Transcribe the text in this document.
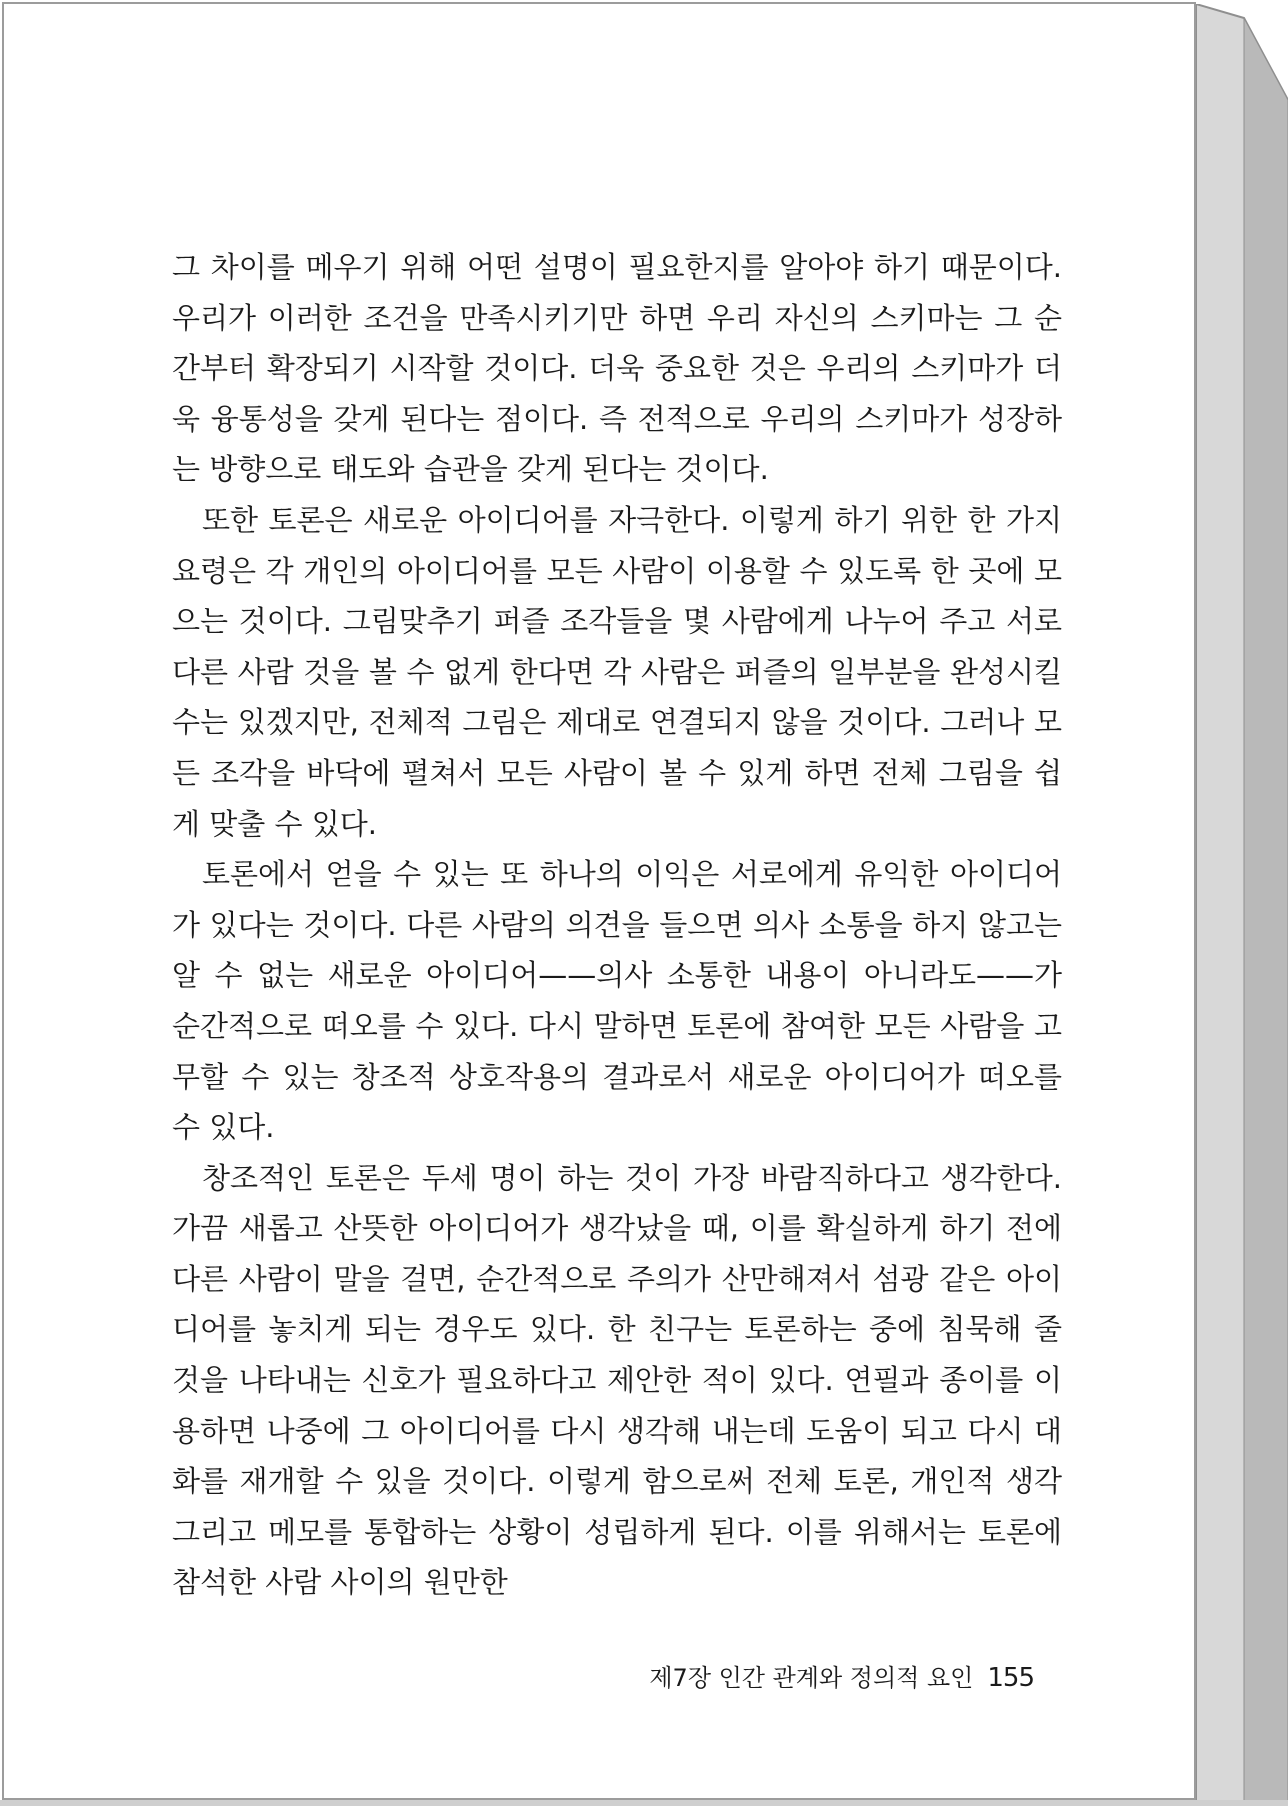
그 차이를 메우기 위해 어떤 설명이 필요한지를 알아야 하기 때문이다. 우리가 이러한 조건을 만족시키기만 하면 우리 자신의 스키마는 그 순간부터 확장되기 시작할 것이다. 더욱 중요한 것은 우리의 스키마가 더욱 융통성을 갖게 된다는 점이다. 즉 전적으로 우리의 스키마가 성장하는 방향으로 태도와 습관을 갖게 된다는 것이다.

또한 토론은 새로운 아이디어를 자극한다. 이렇게 하기 위한 한 가지 요령은 각 개인의 아이디어를 모든 사람이 이용할 수 있도록 한 곳에 모으는 것이다. 그림맞추기 퍼즐 조각들을 몇 사람에게 나누어 주고 서로 다른 사람 것을 볼 수 없게 한다면 각 사람은 퍼즐의 일부분을 완성시킬 수는 있겠지만, 전체적 그림은 제대로 연결되지 않을 것이다. 그러나 모든 조각을 바닥에 펼쳐서 모든 사람이 볼 수 있게 하면 전체 그림을 쉽게 맞출 수 있다.

토론에서 얻을 수 있는 또 하나의 이익은 서로에게 유익한 아이디어가 있다는 것이다. 다른 사람의 의견을 들으면 의사 소통을 하지 않고는 알 수 없는 새로운 아이디어——의사 소통한 내용이 아니라도——가 순간적으로 떠오를 수 있다. 다시 말하면 토론에 참여한 모든 사람을 고무할 수 있는 창조적 상호작용의 결과로서 새로운 아이디어가 떠오를 수 있다.

창조적인 토론은 두세 명이 하는 것이 가장 바람직하다고 생각한다. 가끔 새롭고 산뜻한 아이디어가 생각났을 때, 이를 확실하게 하기 전에 다른 사람이 말을 걸면, 순간적으로 주의가 산만해져서 섬광 같은 아이디어를 놓치게 되는 경우도 있다. 한 친구는 토론하는 중에 침묵해 줄 것을 나타내는 신호가 필요하다고 제안한 적이 있다. 연필과 종이를 이용하면 나중에 그 아이디어를 다시 생각해 내는데 도움이 되고 다시 대화를 재개할 수 있을 것이다. 이렇게 함으로써 전체 토론, 개인적 생각 그리고 메모를 통합하는 상황이 성립하게 된다. 이를 위해서는 토론에 참석한 사람 사이의 원만한

제7장 인간 관계와 정의적 요인 155
